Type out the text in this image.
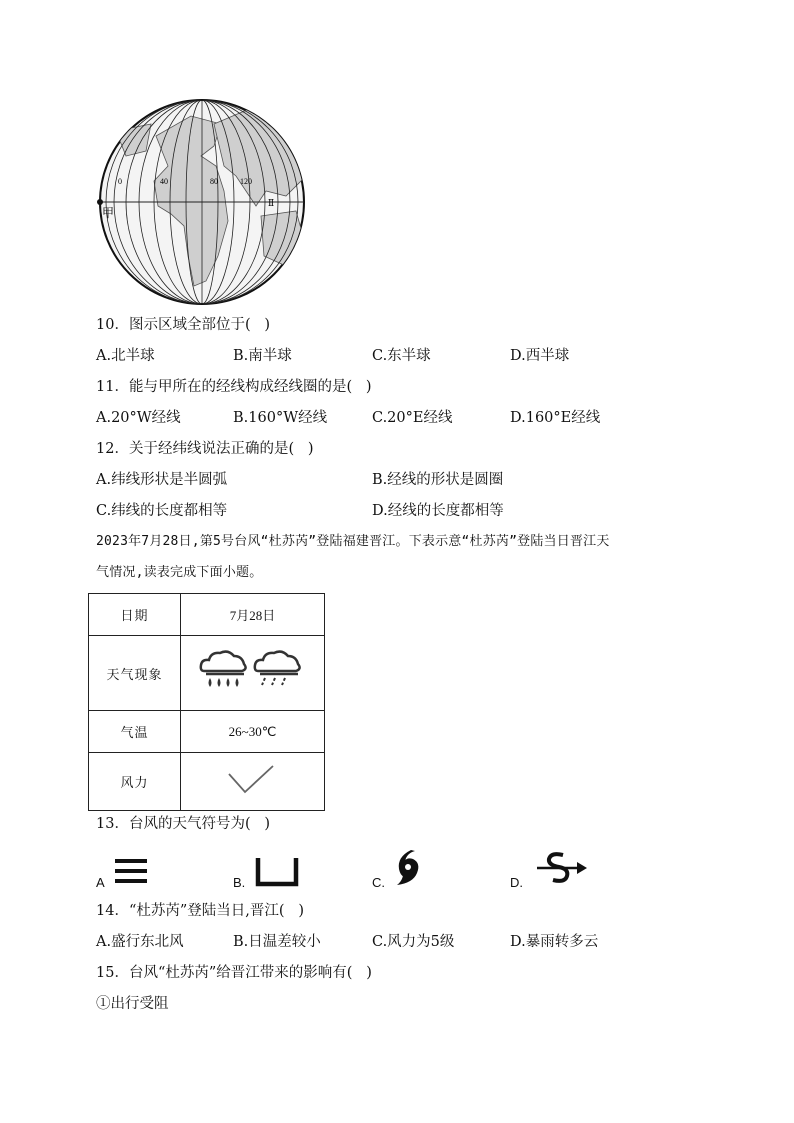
0	40	80	120
甲
Ⅱ
10．图示区域全部位于(   )
A.北半球	B.南半球	C.东半球	D.西半球
11．能与甲所在的经线构成经线圈的是(   )
A.20°W经线	B.160°W经线	C.20°E经线	D.160°E经线
12．关于经纬线说法正确的是(   )
A.纬线形状是半圆弧	B.经线的形状是圆圈
C.纬线的长度都相等	D.经线的长度都相等
2023年7月28日,第5号台风“杜苏芮”登陆福建晋江。下表示意“杜苏芮”登陆当日晋江天
气情况,读表完成下面小题。
日期	7月28日
天气现象	
气温	26~30℃
风力	
13．台风的天气符号为(   )
A	B.	C.	D.
14．“杜苏芮”登陆当日,晋江(   )
A.盛行东北风	B.日温差较小	C.风力为5级	D.暴雨转多云
15．台风“杜苏芮”给晋江带来的影响有(   )
①出行受阻
